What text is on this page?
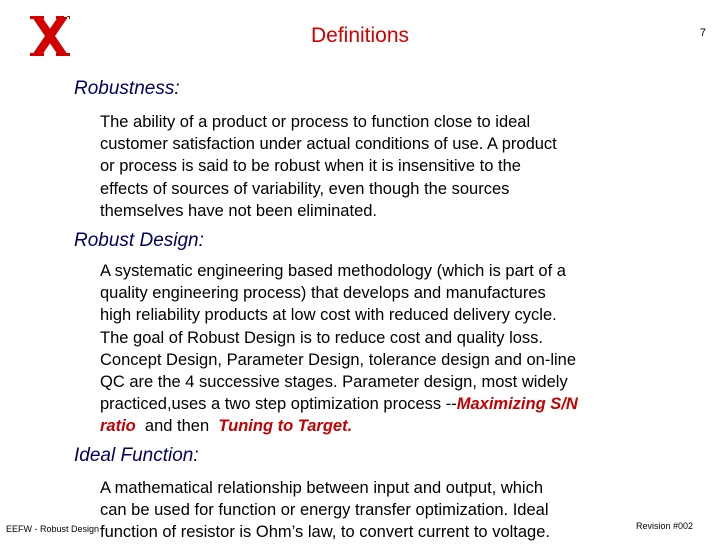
Definitions	7
Robustness:
The ability of a product or process to function close to ideal
customer satisfaction under actual conditions of use. A product
or process is said to be robust when it is insensitive to the
effects of sources of variability, even though the sources
themselves have not been eliminated.
Robust Design:
A systematic engineering based methodology (which is part of a
quality engineering process) that develops and manufactures
high reliability products at low cost with reduced delivery cycle.
The goal of Robust Design is to reduce cost and quality loss.
Concept Design, Parameter Design, tolerance design and on-line
QC are the 4 successive stages. Parameter design, most widely
practiced,uses a two step optimization process --Maximizing S/N
ratio  and then  Tuning to Target.
Ideal Function:
A mathematical relationship between input and output, which
can be used for function or energy transfer optimization. Ideal
function of resistor is Ohm’s law, to convert current to voltage.
EEFW - Robust Design	Revision #002
